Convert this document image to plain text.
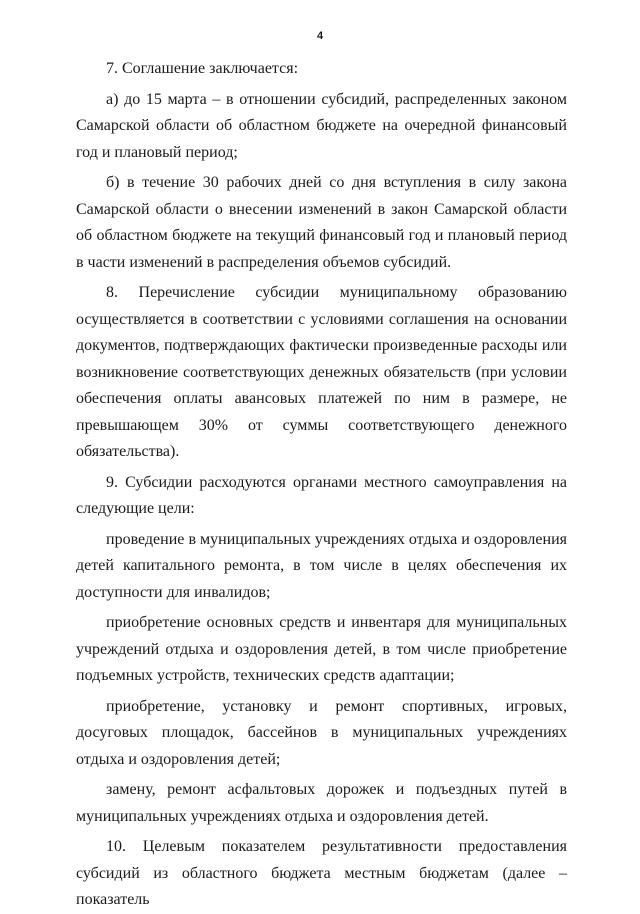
4

7. Соглашение заключается:

а) до 15 марта – в отношении субсидий, распределенных законом Самарской области об областном бюджете на очередной финансовый год и плановый период;

б) в течение 30 рабочих дней со дня вступления в силу закона Самарской области о внесении изменений в закон Самарской области об областном бюджете на текущий финансовый год и плановый период в части изменений в распределения объемов субсидий.

8. Перечисление субсидии муниципальному образованию осуществляется в соответствии с условиями соглашения на основании документов, подтверждающих фактически произведенные расходы или возникновение соответствующих денежных обязательств (при условии обеспечения оплаты авансовых платежей по ним в размере, не превышающем 30% от суммы соответствующего денежного обязательства).

9. Субсидии расходуются органами местного самоуправления на следующие цели:

проведение в муниципальных учреждениях отдыха и оздоровления детей капитального ремонта, в том числе в целях обеспечения их доступности для инвалидов;

приобретение основных средств и инвентаря для муниципальных учреждений отдыха и оздоровления детей, в том числе приобретение подъемных устройств, технических средств адаптации;

приобретение, установку и ремонт спортивных, игровых, досуговых площадок, бассейнов в муниципальных учреждениях отдыха и оздоровления детей;

замену, ремонт асфальтовых дорожек и подъездных путей в муниципальных учреждениях отдыха и оздоровления детей.

10. Целевым показателем результативности предоставления субсидий из областного бюджета местным бюджетам (далее – показатель
